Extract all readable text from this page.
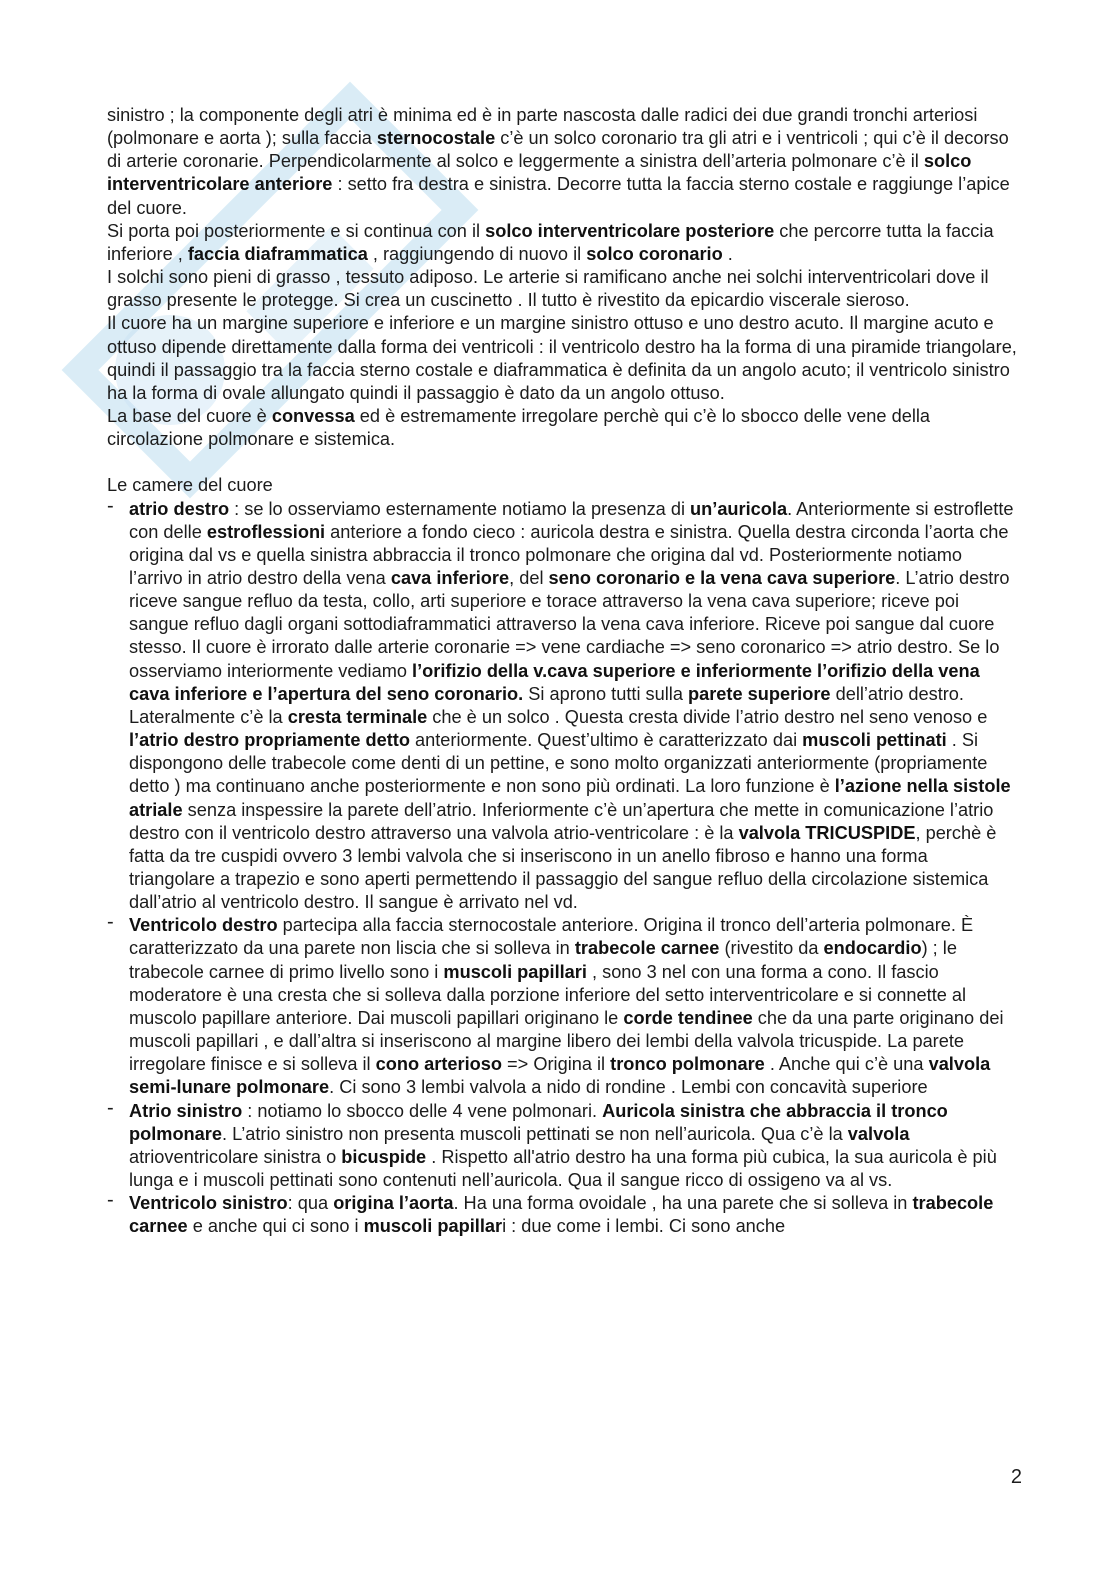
sinistro ; la componente degli atri è minima ed è in parte nascosta dalle radici dei due grandi tronchi arteriosi (polmonare e aorta ); sulla faccia sternocostale c’è un solco coronario tra gli atri e i ventricoli ; qui c’è il decorso di arterie coronarie. Perpendicolarmente al solco e leggermente a sinistra dell’arteria polmonare c’è il solco interventricolare anteriore : setto fra destra e sinistra. Decorre tutta la faccia sterno costale e raggiunge l’apice del cuore.

Si porta poi posteriormente e si continua con il solco interventricolare posteriore che percorre tutta la faccia inferiore , faccia diaframmatica , raggiungendo di nuovo il solco coronario .

I solchi sono pieni di grasso , tessuto adiposo. Le arterie si ramificano anche nei solchi interventricolari dove il grasso presente le protegge. Si crea un cuscinetto . Il tutto è rivestito da epicardio viscerale sieroso.

Il cuore ha un margine superiore e inferiore e un margine sinistro ottuso e uno destro acuto. Il margine acuto e ottuso dipende direttamente dalla forma dei ventricoli : il ventricolo destro ha la forma di una piramide triangolare, quindi il passaggio tra la faccia sterno costale e diaframmatica è definita da un angolo acuto; il ventricolo sinistro ha la forma di ovale allungato quindi il passaggio è dato da un angolo ottuso.

La base del cuore è convessa ed è estremamente irregolare perchè qui c’è lo sbocco delle vene della circolazione polmonare e sistemica.

Le camere del cuore

- atrio destro : se lo osserviamo esternamente notiamo la presenza di un’auricola. Anteriormente si estroflette con delle estroflessioni anteriore a fondo cieco : auricola destra e sinistra. Quella destra circonda l’aorta che origina dal vs e quella sinistra abbraccia il tronco polmonare che origina dal vd. Posteriormente notiamo l’arrivo in atrio destro della vena cava inferiore, del seno coronario e la vena cava superiore. L’atrio destro riceve sangue refluo da testa, collo, arti superiore e torace attraverso la vena cava superiore; riceve poi sangue refluo dagli organi sottodiaframmatici attraverso la vena cava inferiore. Riceve poi sangue dal cuore stesso. Il cuore è irrorato dalle arterie coronarie => vene cardiache => seno coronarico => atrio destro. Se lo osserviamo interiormente vediamo l’orifizio della v.cava superiore e inferiormente l’orifizio della vena cava inferiore e l’apertura del seno coronario. Si aprono tutti sulla parete superiore dell’atrio destro. Lateralmente c’è la cresta terminale che è un solco . Questa cresta divide l’atrio destro nel seno venoso e l’atrio destro propriamente detto anteriormente. Quest’ultimo è caratterizzato dai muscoli pettinati . Si dispongono delle trabecole come denti di un pettine, e sono molto organizzati anteriormente (propriamente detto ) ma continuano anche posteriormente e non sono più ordinati. La loro funzione è l’azione nella sistole atriale senza inspessire la parete dell’atrio. Inferiormente c’è un’apertura che mette in comunicazione l’atrio destro con il ventricolo destro attraverso una valvola atrio-ventricolare : è la valvola TRICUSPIDE, perchè è fatta da tre cuspidi ovvero 3 lembi valvola che si inseriscono in un anello fibroso e hanno una forma triangolare a trapezio e sono aperti permettendo il passaggio del sangue refluo della circolazione sistemica dall’atrio al ventricolo destro. Il sangue è arrivato nel vd.
- Ventricolo destro partecipa alla faccia sternocostale anteriore. Origina il tronco dell’arteria polmonare. È caratterizzato da una parete non liscia che si solleva in trabecole carnee (rivestito da endocardio) ; le trabecole carnee di primo livello sono i muscoli papillari , sono 3 nel con una forma a cono. Il fascio moderatore è una cresta che si solleva dalla porzione inferiore del setto interventricolare e si connette al muscolo papillare anteriore. Dai muscoli papillari originano le corde tendinee che da una parte originano dei muscoli papillari , e dall’altra si inseriscono al margine libero dei lembi della valvola tricuspide. La parete irregolare finisce e si solleva il cono arterioso => Origina il tronco polmonare . Anche qui c’è una valvola semi-lunare polmonare. Ci sono 3 lembi valvola a nido di rondine . Lembi con concavità superiore
- Atrio sinistro : notiamo lo sbocco delle 4 vene polmonari. Auricola sinistra che abbraccia il tronco polmonare. L’atrio sinistro non presenta muscoli pettinati se non nell’auricola. Qua c’è la valvola atrioventricolare sinistra o bicuspide . Rispetto all'atrio destro ha una forma più cubica, la sua auricola è più lunga e i muscoli pettinati sono contenuti nell’auricola. Qua il sangue ricco di ossigeno va al vs.
- Ventricolo sinistro: qua origina l’aorta. Ha una forma ovoidale , ha una parete che si solleva in trabecole carnee e anche qui ci sono i muscoli papillari : due come i lembi. Ci sono anche
2
